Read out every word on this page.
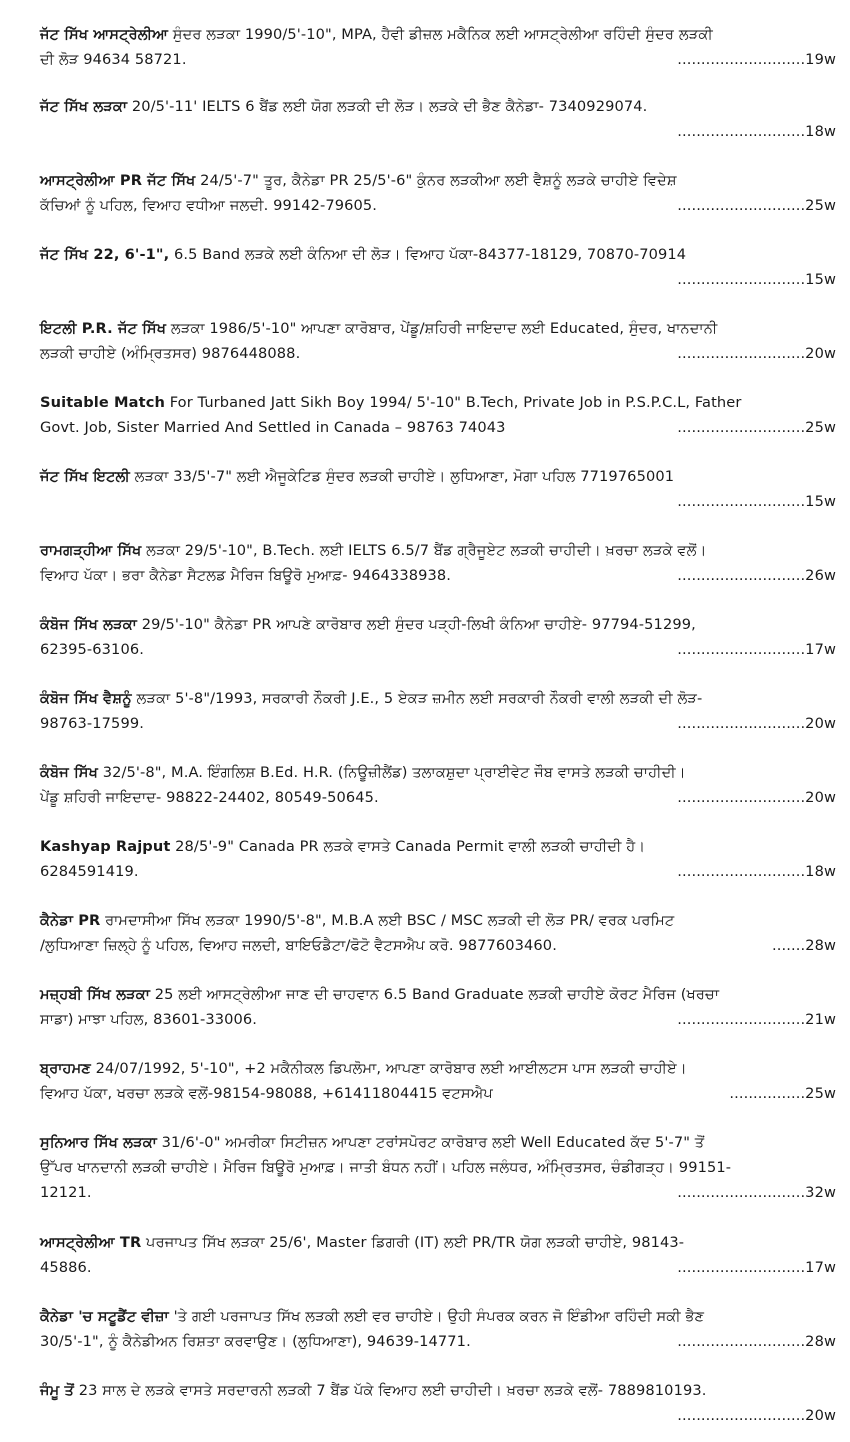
ਜੱਟ ਸਿੱਖ ਆਸਟ੍ਰੇਲੀਆ ਸੁੰਦਰ ਲੜਕਾ 1990/5'-10", MPA, ਹੈਵੀ ਡੀਜ਼ਲ ਮਕੈਨਿਕ ਲਈ ਆਸਟ੍ਰੇਲੀਆ ਰਹਿੰਦੀ ਸੁੰਦਰ ਲੜਕੀ
ਦੀ ਲੋੜ 94634 58721.	...........................19w
ਜੱਟ ਸਿੱਖ ਲੜਕਾ 20/5'-11' IELTS 6 ਬੈਂਡ ਲਈ ਯੋਗ ਲੜਕੀ ਦੀ ਲੋੜ। ਲੜਕੇ ਦੀ ਭੈਣ ਕੈਨੇਡਾ- 7340929074.
...........................18w
ਆਸਟ੍ਰੇਲੀਆ PR ਜੱਟ ਸਿੱਖ 24/5'-7" ਤੂਰ, ਕੈਨੇਡਾ PR 25/5'-6" ਕੁੰਨਰ ਲੜਕੀਆ ਲਈ ਵੈਸ਼ਨੂੰ ਲੜਕੇ ਚਾਹੀਏ ਵਿਦੇਸ਼
ਕੱਚਿਆਂ ਨੂੰ ਪਹਿਲ, ਵਿਆਹ ਵਧੀਆ ਜਲਦੀ. 99142-79605.	...........................25w
ਜੱਟ ਸਿੱਖ 22, 6'-1", 6.5 Band ਲੜਕੇ ਲਈ ਕੰਨਿਆ ਦੀ ਲੋੜ। ਵਿਆਹ ਪੱਕਾ-84377-18129, 70870-70914
...........................15w
ਇਟਲੀ P.R. ਜੱਟ ਸਿੱਖ ਲੜਕਾ 1986/5'-10" ਆਪਣਾ ਕਾਰੋਬਾਰ, ਪੇਂਡੂ/ਸ਼ਹਿਰੀ ਜਾਇਦਾਦ ਲਈ Educated, ਸੁੰਦਰ, ਖਾਨਦਾਨੀ
ਲੜਕੀ ਚਾਹੀਏ (ਅੰਮ੍ਰਿਤਸਰ) 9876448088.	...........................20w
Suitable Match For Turbaned Jatt Sikh Boy 1994/ 5'-10" B.Tech, Private Job in P.S.P.C.L, Father
Govt. Job, Sister Married And Settled in Canada – 98763 74043	...........................25w
ਜੱਟ ਸਿੱਖ ਇਟਲੀ ਲੜਕਾ 33/5'-7" ਲਈ ਐਜੂਕੇਟਿਡ ਸੁੰਦਰ ਲੜਕੀ ਚਾਹੀਏ। ਲੁਧਿਆਣਾ, ਮੋਗਾ ਪਹਿਲ 7719765001
...........................15w
ਰਾਮਗੜ੍ਹੀਆ ਸਿੱਖ ਲੜਕਾ 29/5'-10", B.Tech. ਲਈ IELTS 6.5/7 ਬੈਂਡ ਗ੍ਰੈਜੂਏਟ ਲੜਕੀ ਚਾਹੀਦੀ। ਖ਼ਰਚਾ ਲੜਕੇ ਵਲੋਂ।
ਵਿਆਹ ਪੱਕਾ। ਭਰਾ ਕੈਨੇਡਾ ਸੈਟਲਡ ਮੈਰਿਜ ਬਿਊਰੋ ਮੁਆਫ਼- 9464338938.	...........................26w
ਕੰਬੋਜ ਸਿੱਖ ਲੜਕਾ 29/5'-10" ਕੈਨੇਡਾ PR ਆਪਣੇ ਕਾਰੋਬਾਰ ਲਈ ਸੁੰਦਰ ਪੜ੍ਹੀ-ਲਿਖੀ ਕੰਨਿਆ ਚਾਹੀਏ- 97794-51299,
62395-63106.	...........................17w
ਕੰਬੋਜ ਸਿੱਖ ਵੈਸ਼ਨੂੰ ਲੜਕਾ 5'-8"/1993, ਸਰਕਾਰੀ ਨੌਕਰੀ J.E., 5 ਏਕੜ ਜ਼ਮੀਨ ਲਈ ਸਰਕਾਰੀ ਨੌਕਰੀ ਵਾਲੀ ਲੜਕੀ ਦੀ ਲੋੜ-
98763-17599.	...........................20w
ਕੰਬੋਜ ਸਿੱਖ 32/5'-8", M.A. ਇੰਗਲਿਸ਼ B.Ed. H.R. (ਨਿਊਜ਼ੀਲੈਂਡ) ਤਲਾਕਸ਼ੁਦਾ ਪ੍ਰਾਈਵੇਟ ਜੌਬ ਵਾਸਤੇ ਲੜਕੀ ਚਾਹੀਦੀ।
ਪੇਂਡੂ ਸ਼ਹਿਰੀ ਜਾਇਦਾਦ- 98822-24402, 80549-50645.	...........................20w
Kashyap Rajput 28/5'-9" Canada PR ਲੜਕੇ ਵਾਸਤੇ Canada Permit ਵਾਲੀ ਲੜਕੀ ਚਾਹੀਦੀ ਹੈ।
6284591419.	...........................18w
ਕੈਨੇਡਾ PR ਰਾਮਦਾਸੀਆ ਸਿੱਖ ਲੜਕਾ 1990/5'-8", M.B.A ਲਈ BSC / MSC ਲੜਕੀ ਦੀ ਲੋੜ PR/ ਵਰਕ ਪਰਮਿਟ
/ਲੁਧਿਆਣਾ ਜ਼ਿਲ੍ਹੇ ਨੂੰ ਪਹਿਲ, ਵਿਆਹ ਜਲਦੀ, ਬਾਇਓਡੈਟਾ/ਫੋਟੋ ਵੈਟਸਐਪ ਕਰੋ. 9877603460.	.......28w
ਮਜ਼੍ਹਬੀ ਸਿੱਖ ਲੜਕਾ 25 ਲਈ ਆਸਟ੍ਰੇਲੀਆ ਜਾਣ ਦੀ ਚਾਹਵਾਨ 6.5 Band Graduate ਲੜਕੀ ਚਾਹੀਏ ਕੋਰਟ ਮੈਰਿਜ (ਖਰਚਾ
ਸਾਡਾ) ਮਾਝਾ ਪਹਿਲ, 83601-33006.	...........................21w
ਬ੍ਰਾਹਮਣ 24/07/1992, 5'-10", +2 ਮਕੈਨੀਕਲ ਡਿਪਲੋਮਾ, ਆਪਣਾ ਕਾਰੋਬਾਰ ਲਈ ਆਈਲਟਸ ਪਾਸ ਲੜਕੀ ਚਾਹੀਏ।
ਵਿਆਹ ਪੱਕਾ, ਖਰਚਾ ਲੜਕੇ ਵਲੋਂ-98154-98088, +61411804415 ਵਟਸਐਪ	................25w
ਸੁਨਿਆਰ ਸਿੱਖ ਲੜਕਾ 31/6'-0" ਅਮਰੀਕਾ ਸਿਟੀਜ਼ਨ ਆਪਣਾ ਟਰਾਂਸਪੋਰਟ ਕਾਰੋਬਾਰ ਲਈ Well Educated ਕੱਦ 5'-7" ਤੋਂ
ਉੱਪਰ ਖਾਨਦਾਨੀ ਲੜਕੀ ਚਾਹੀਏ। ਮੈਰਿਜ ਬਿਊਰੋ ਮੁਆਫ਼। ਜਾਤੀ ਬੰਧਨ ਨਹੀਂ। ਪਹਿਲ ਜਲੰਧਰ, ਅੰਮ੍ਰਿਤਸਰ, ਚੰਡੀਗੜ੍ਹ। 99151-
12121.	...........................32w
ਆਸਟ੍ਰੇਲੀਆ TR ਪਰਜਾਪਤ ਸਿੱਖ ਲੜਕਾ 25/6', Master ਡਿਗਰੀ (IT) ਲਈ PR/TR ਯੋਗ ਲੜਕੀ ਚਾਹੀਏ, 98143-
45886.	...........................17w
ਕੈਨੇਡਾ 'ਚ ਸਟੂਡੈਂਟ ਵੀਜ਼ਾ 'ਤੇ ਗਈ ਪਰਜਾਪਤ ਸਿੱਖ ਲੜਕੀ ਲਈ ਵਰ ਚਾਹੀਏ। ਉਹੀ ਸੰਪਰਕ ਕਰਨ ਜੋ ਇੰਡੀਆ ਰਹਿੰਦੀ ਸਕੀ ਭੈਣ
30/5'-1", ਨੂੰ ਕੈਨੇਡੀਅਨ ਰਿਸ਼ਤਾ ਕਰਵਾਉਣ। (ਲੁਧਿਆਣਾ), 94639-14771.	...........................28w
ਜੰਮੂ ਤੋਂ 23 ਸਾਲ ਦੇ ਲੜਕੇ ਵਾਸਤੇ ਸਰਦਾਰਨੀ ਲੜਕੀ 7 ਬੈਂਡ ਪੱਕੇ ਵਿਆਹ ਲਈ ਚਾਹੀਦੀ। ਖ਼ਰਚਾ ਲੜਕੇ ਵਲੋਂ- 7889810193.
...........................20w
